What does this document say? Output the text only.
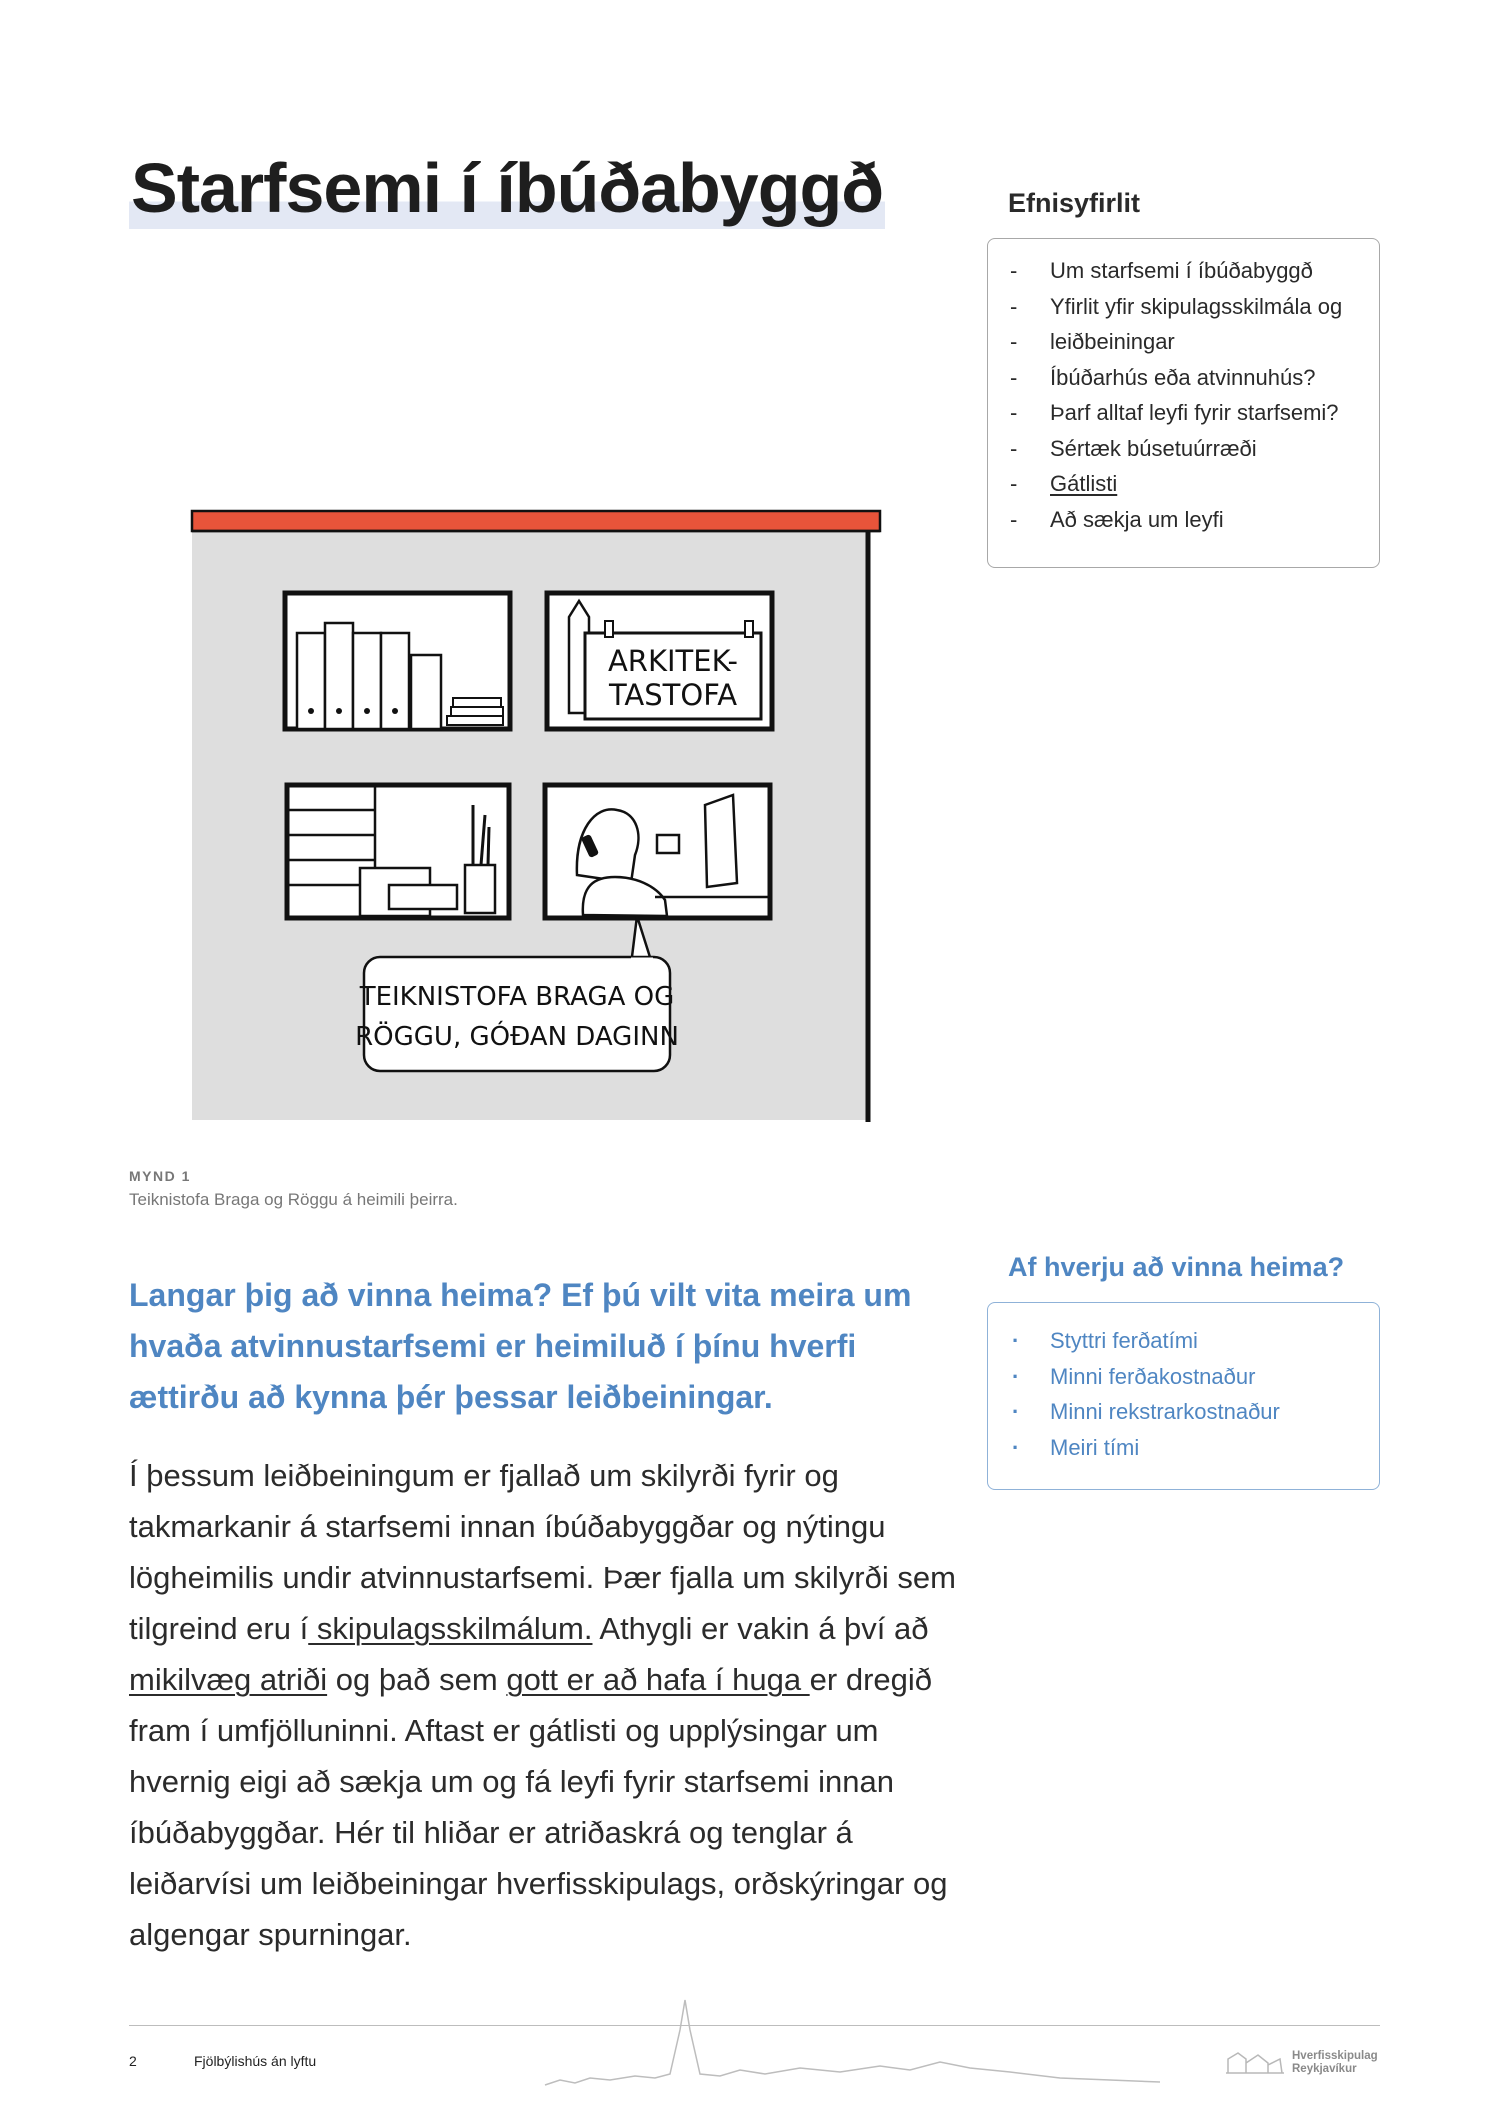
Starfsemi í íbúðabyggð	Efnisyfirlit
- Um starfsemi í íbúðabyggð
- Yfirlit yfir skipulagsskilmála og
- leiðbeiningar
- Íbúðarhús eða atvinnuhús?
- Þarf alltaf leyfi fyrir starfsemi?
- Sértæk búsetuúrræði
- Gátlisti
- Að sækja um leyfi
ARKITEK-
TASTOFA
TEIKNISTOFA BRAGA OG
RÖGGU, GÓÐAN DAGINN
MYND 1
Teiknistofa Braga og Röggu á heimili þeirra.

Langar þig að vinna heima? Ef þú vilt vita meira um hvaða atvinnustarfsemi er heimiluð í þínu hverfi ættirðu að kynna þér þessar leiðbeiningar.

Í þessum leiðbeiningum er fjallað um skilyrði fyrir og takmarkanir á starfsemi innan íbúðabyggðar og nýtingu lögheimilis undir atvinnustarfsemi. Þær fjalla um skilyrði sem tilgreind eru í skipulagsskilmálum. Athygli er vakin á því að mikilvæg atriði og það sem gott er að hafa í huga er dregið fram í umfjölluninni. Aftast er gátlisti og upplýsingar um hvernig eigi að sækja um og fá leyfi fyrir starfsemi innan íbúðabyggðar. Hér til hliðar er atriðaskrá og tenglar á leiðarvísi um leiðbeiningar hverfisskipulags, orðskýringar og algengar spurningar.

Af hverju að vinna heima?
· Styttri ferðatími
· Minni ferðakostnaður
· Minni rekstrarkostnaður
· Meiri tími
2	Fjölbýlishús án lyftu	Hverfisskipulag
Reykjavíkur
